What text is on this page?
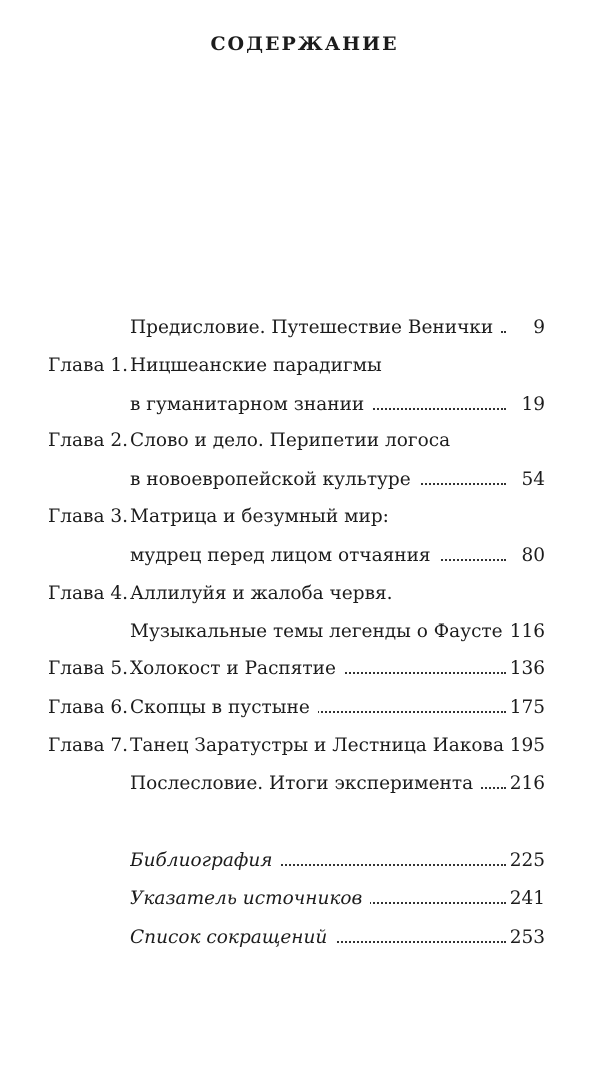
СОДЕРЖАНИЕ
Предисловие. Путешествие Венички	9
Глава 1. Ницшеанские парадигмы
в гуманитарном знании	19
Глава 2. Слово и дело. Перипетии логоса
в новоевропейской культуре	54
Глава 3. Матрица и безумный мир:
мудрец перед лицом отчаяния	80
Глава 4. Аллилуйя и жалоба червя.
Музыкальные темы легенды о Фаусте 116
Глава 5. Холокост и Распятие	136
Глава 6. Скопцы в пустыне	175
Глава 7. Танец Заратустры и Лестница Иакова 195
Послесловие. Итоги эксперимента	216
Библиография	225
Указатель источников	241
Список сокращений	253
